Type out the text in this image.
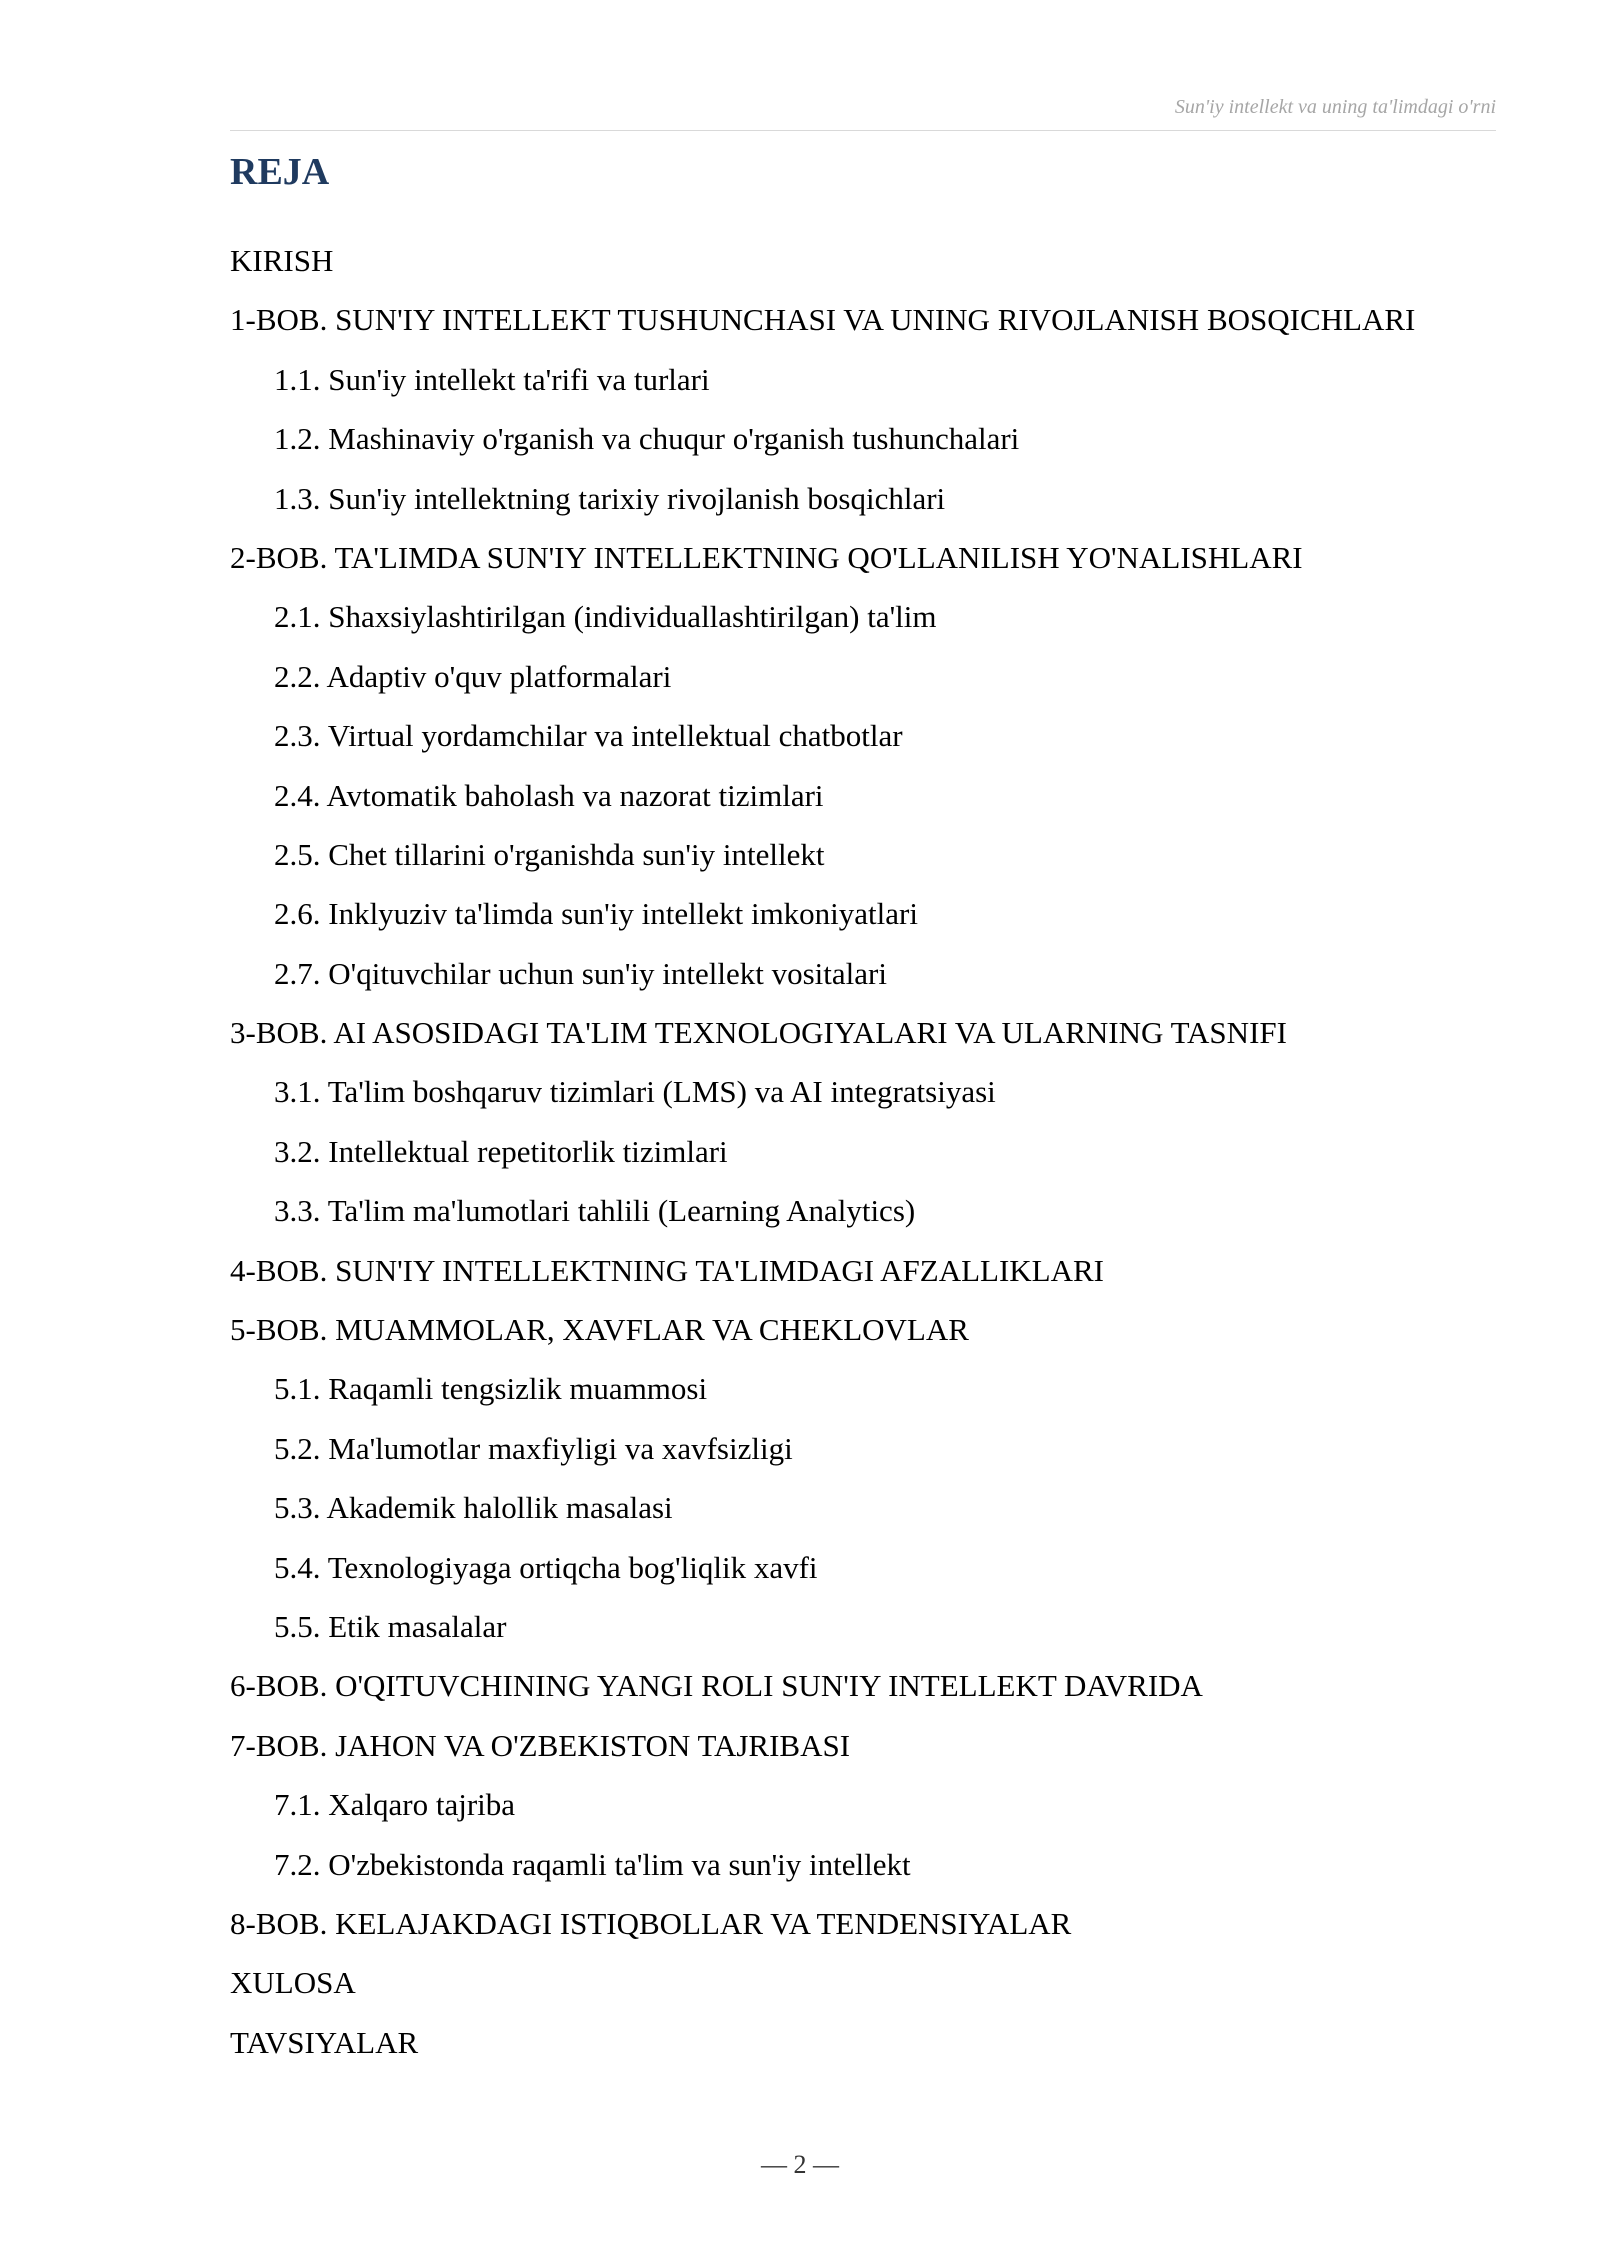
Sun'iy intellekt va uning ta'limdagi o'rni
REJA
KIRISH
1-BOB. SUN'IY INTELLEKT TUSHUNCHASI VA UNING RIVOJLANISH BOSQICHLARI
1.1. Sun'iy intellekt ta'rifi va turlari
1.2. Mashinaviy o'rganish va chuqur o'rganish tushunchalari
1.3. Sun'iy intellektning tarixiy rivojlanish bosqichlari
2-BOB. TA'LIMDA SUN'IY INTELLEKTNING QO'LLANILISH YO'NALISHLARI
2.1. Shaxsiylashtirilgan (individuallashtirilgan) ta'lim
2.2. Adaptiv o'quv platformalari
2.3. Virtual yordamchilar va intellektual chatbotlar
2.4. Avtomatik baholash va nazorat tizimlari
2.5. Chet tillarini o'rganishda sun'iy intellekt
2.6. Inklyuziv ta'limda sun'iy intellekt imkoniyatlari
2.7. O'qituvchilar uchun sun'iy intellekt vositalari
3-BOB. AI ASOSIDAGI TA'LIM TEXNOLOGIYALARI VA ULARNING TASNIFI
3.1. Ta'lim boshqaruv tizimlari (LMS) va AI integratsiyasi
3.2. Intellektual repetitorlik tizimlari
3.3. Ta'lim ma'lumotlari tahlili (Learning Analytics)
4-BOB. SUN'IY INTELLEKTNING TA'LIMDAGI AFZALLIKLARI
5-BOB. MUAMMOLAR, XAVFLAR VA CHEKLOVLAR
5.1. Raqamli tengsizlik muammosi
5.2. Ma'lumotlar maxfiyligi va xavfsizligi
5.3. Akademik halollik masalasi
5.4. Texnologiyaga ortiqcha bog'liqlik xavfi
5.5. Etik masalalar
6-BOB. O'QITUVCHINING YANGI ROLI SUN'IY INTELLEKT DAVRIDA
7-BOB. JAHON VA O'ZBEKISTON TAJRIBASI
7.1. Xalqaro tajriba
7.2. O'zbekistonda raqamli ta'lim va sun'iy intellekt
8-BOB. KELAJAKDAGI ISTIQBOLLAR VA TENDENSIYALAR
XULOSA
TAVSIYALAR
— 2 —
